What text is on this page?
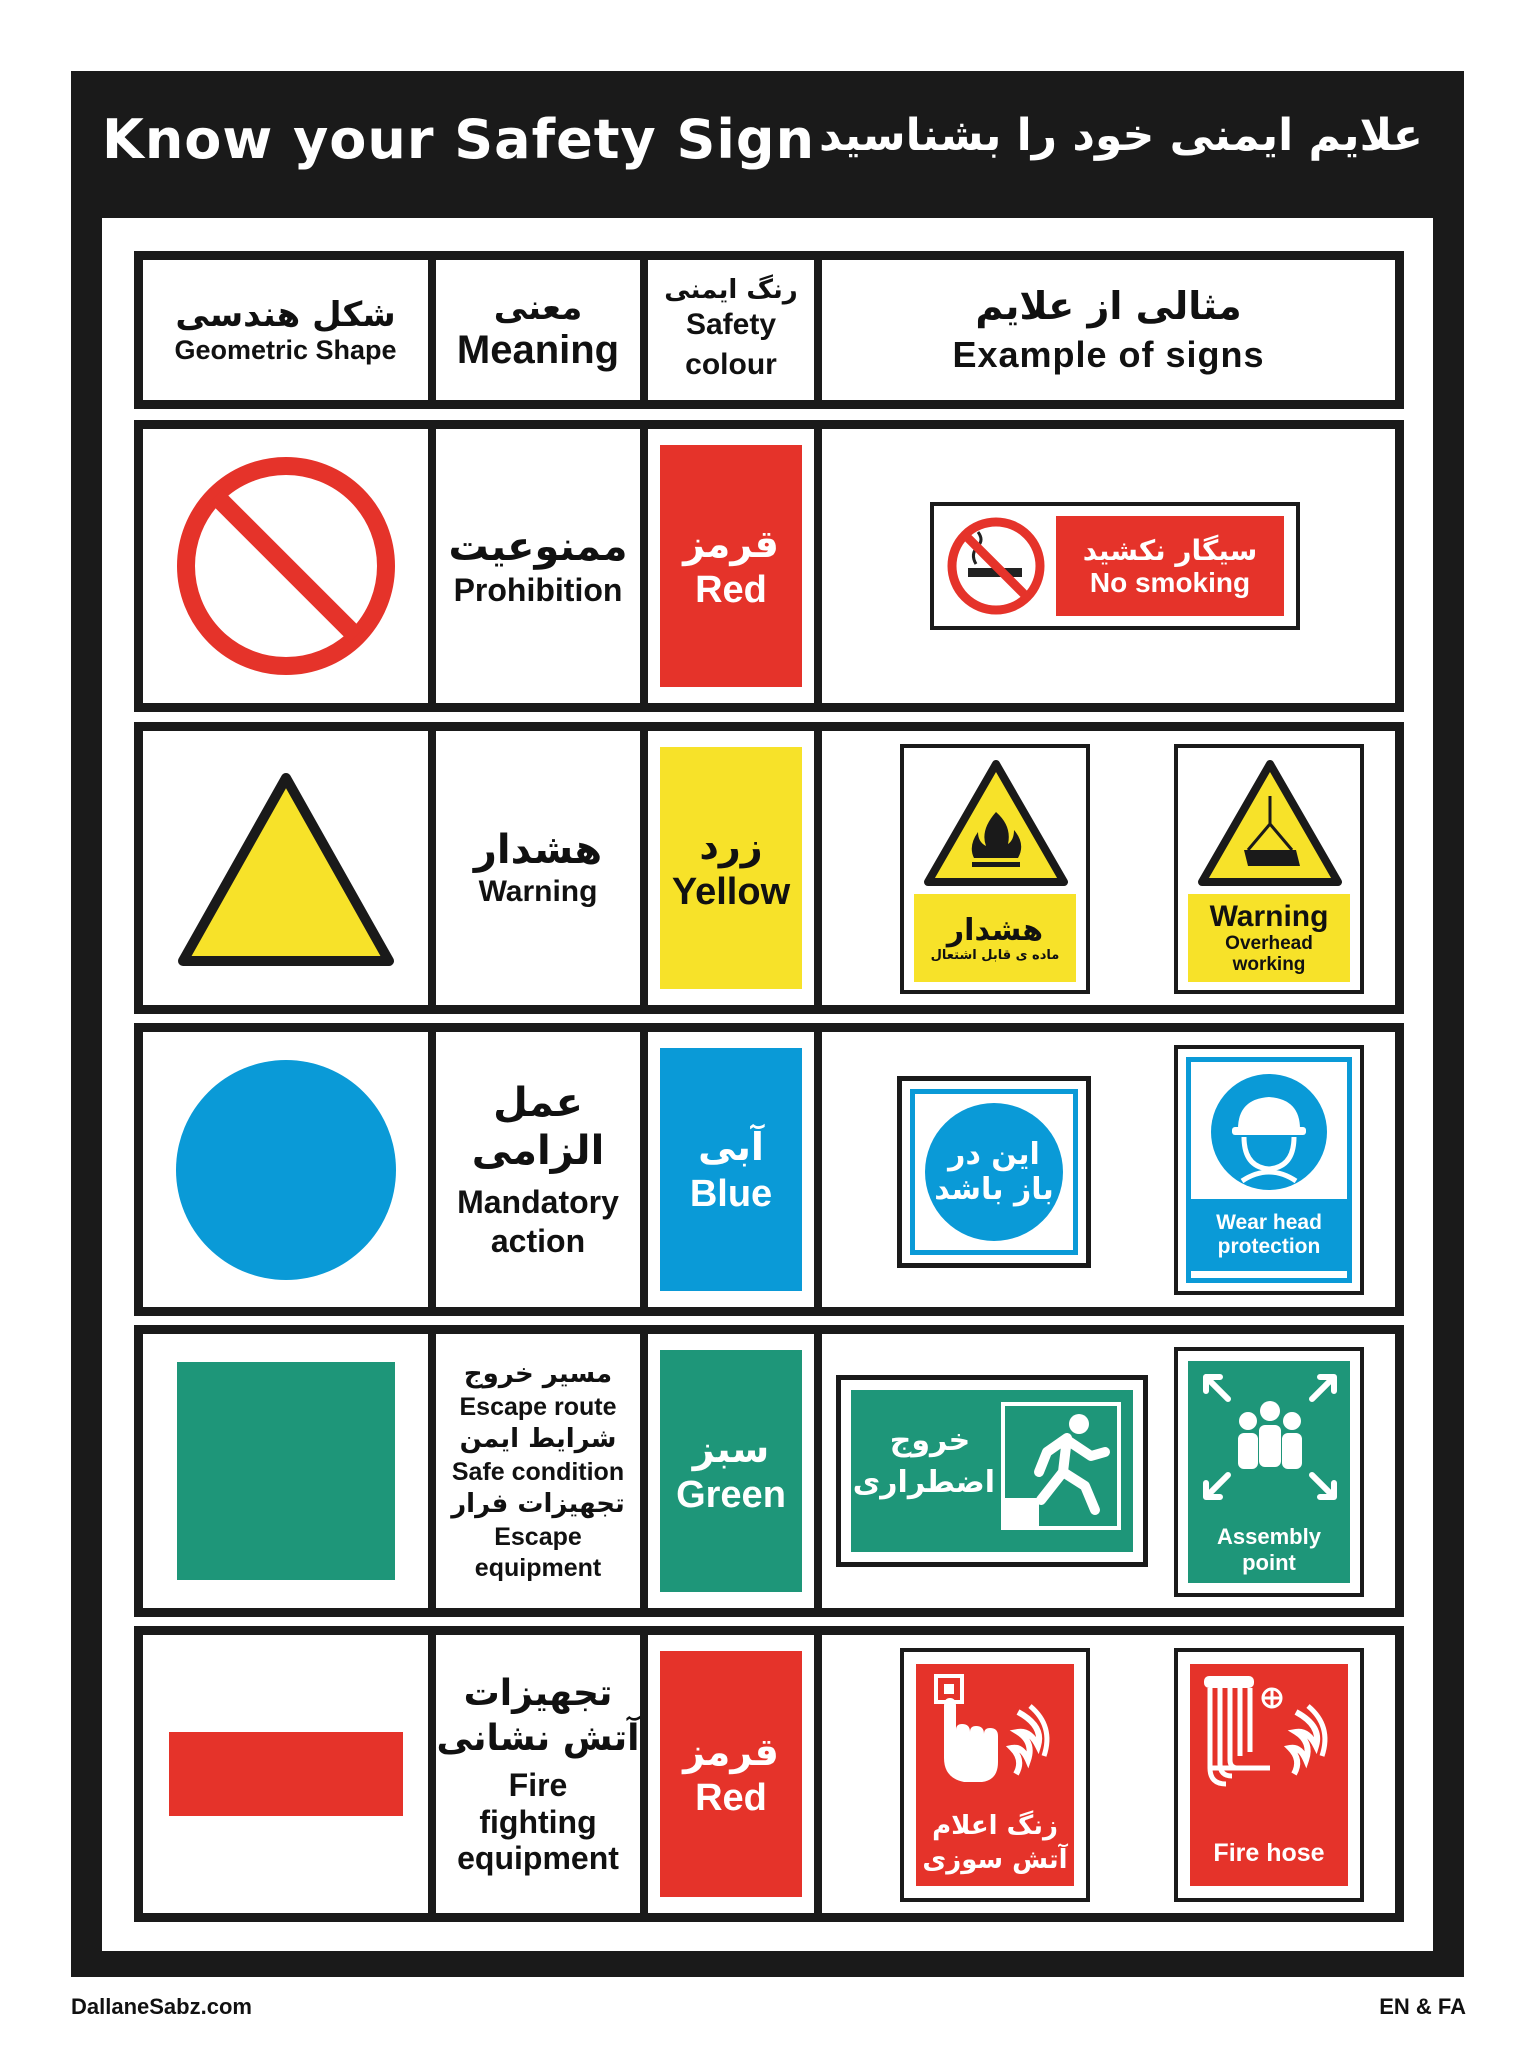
Know your Safety Sign علایم ایمنی خود را بشناسید
شکل هندسی
Geometric Shape
معنی
Meaning
رنگ ایمنی
Safety
colour
مثالی از علایم
Example of signs
ممنوعیت
Prohibition
قرمز
Red
سیگار نکشید
No smoking
هشدار
Warning
زرد
Yellow
هشدار
ماده ی قابل اشتعال
Warning
Overhead
working
عمل
الزامی
Mandatory
action
آبی
Blue
این در
باز باشد
Wear head
protection
مسیر خروج
Escape route
شرایط ایمن
Safe condition
تجهیزات فرار
Escape
equipment
سبز
Green
خروج
اضطراری
Assembly
point
تجهیزات
آتش نشانی
Fire
fighting
equipment
قرمز
Red
زنگ اعلام
آتش سوزی	Fire hose
DallaneSabz.com	EN & FA
